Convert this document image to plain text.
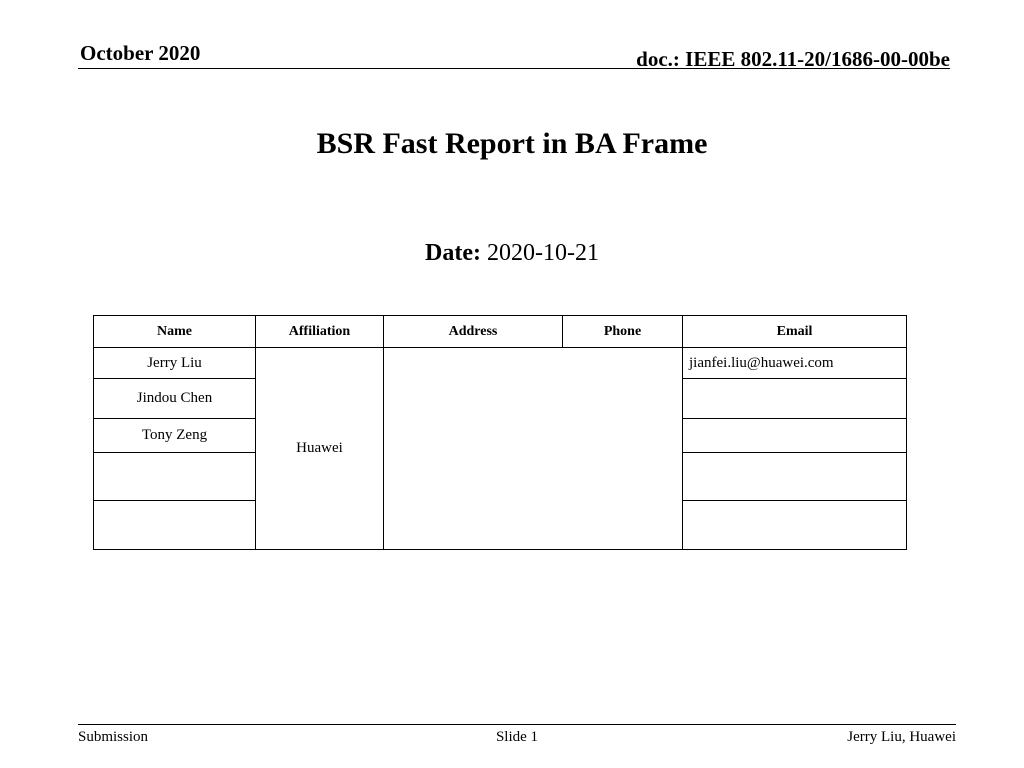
October 2020	doc.: IEEE 802.11-20/1686-00-00be
BSR Fast Report in BA Frame
Date: 2020-10-21
Name	Affiliation	Address	Phone	Email
Jerry Liu	Huawei			jianfei.liu@huawei.com
Jindou Chen				
Tony Zeng				

Submission	Slide 1	Jerry Liu, Huawei
